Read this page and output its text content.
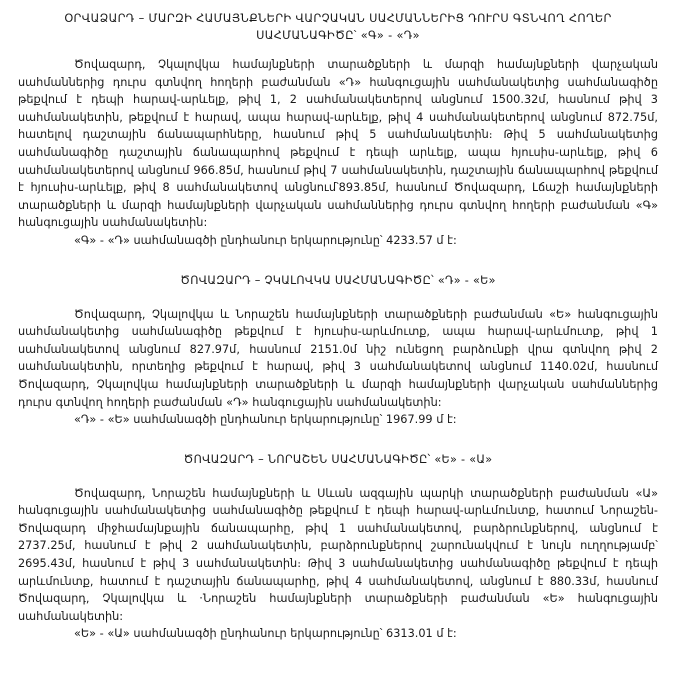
ՕՐՎԱՁԱՐԴ – ՄԱՐԶԻ ՀԱՄԱՅՆՔՆԵՐԻ ՎԱՐՉԱԿԱՆ ՍԱՀՄԱՆՆԵՐԻՑ ԴՈՒՐՍ ԳՏՆՎՈՂ ՀՈՂԵՐ
ՍԱՀՄԱՆԱԳԻԾԸ՝ «Գ» - «Դ»

Ծովազարդ, Չկալովկա համայնքների տարածքների և մարզի համայնքների վարչական սահմաններից դուրս գտնվող հողերի բաժանման «Դ» հանգուցային սահմանակետից սահմանագիծը թեքվում է դեպի հարավ-արևելք, թիվ 1, 2 սահմանակետերով անցնում 1500.32մ, հասնում թիվ 3 սահմանակետին, թեքվում է հարավ, ապա հարավ-արևելք, թիվ 4 սահմանակետերով անցնում 872.75մ, հատելով դաշտային ճանապարհները, հասնում թիվ 5 սահմանակետին։ Թիվ 5 սահմանակետից սահմանագիծը դաշտային ճանապարհով թեքվում է դեպի արևելք, ապա հյուսիս-արևելք, թիվ 6 սահմանակետերով անցնում 966.85մ, հասնում թիվ 7 սահմանակետին, դաշտային ճանապարհով թեքվում է հյուսիս-արևելք, թիվ 8 սահմանակետով անցնում՝893.85մ, հասնում Ծովազարդ, Լճաշի համայնքների տարածքների և մարզի համայնքների վարչական սահմաններից դուրս գտնվող հողերի բաժանման «Գ» հանգուցային սահմանակետին:

«Գ» - «Դ» սահմանագծի ընդհանուր երկարությունը՝ 4233.57 մ է:

ԾՈՎԱԶԱՐԴ – ՉԿԱԼՈՎԿԱ ՍԱՀՄԱՆԱԳԻԾԸ՝ «Դ» - «Ե»

Ծովազարդ, Չկալովկա և Նորաշեն համայնքների տարածքների բաժանման «Ե» հանգուցային սահմանակետից սահմանագիծը թեքվում է հյուսիս-արևմուտք, ապա հարավ-արևմուտք, թիվ 1 սահմանակետով անցնում 827.97մ, հասնում 2151.0մ նիշ ունեցող բարձունքի վրա գտնվող թիվ 2 սահմանակետին, որտեղից թեքվում է հարավ, թիվ 3 սահմանակետով անցնում 1140.02մ, հասնում Ծովազարդ, Չկալովկա համայնքների տարածքների և մարզի համայնքների վարչական սահմաններից դուրս գտնվող հողերի բաժանման «Դ» հանգուցային սահմանակետին:

«Դ» - «Ե» սահմանագծի ընդհանուր երկարությունը՝ 1967.99 մ է:

ԾՈՎԱԶԱՐԴ – ՆՈՐԱՇԵՆ ՍԱՀՄԱՆԱԳԻԾԸ՝ «Ե» - «Ա»

Ծովազարդ, Նորաշեն համայնքների և Սևան ազգային պարկի տարածքների բաժանման «Ա» հանգուցային սահմանակետից սահմանագիծը թեքվում է դեպի հարավ-արևմունտք, հատում Նորաշեն-Ծովազարդ միջհամայնքային ճանապարհը, թիվ 1 սահմանակետով, բարձրունքներով, անցնում է 2737.25մ, հասնում է թիվ 2 սահմանակետին, բարձրունքներով շարունակվում է նույն ուղղությամբ՝ 2695.43մ, հասնում է թիվ 3 սահմանակետին։ Թիվ 3 սահմանակետից սահմանագիծը թեքվում է դեպի արևմունտք, հատում է դաշտային ճանապարհը, թիվ 4 սահմանակետով, անցնում է 880.33մ, հասնում Ծովազարդ, Չկալովկա և ·Նորաշեն համայնքների տարածքների բաժանման «Ե» հանգուցային սահմանակետին:

«Ե» - «Ա» սահմանագծի ընդհանուր երկարությունը՝ 6313.01 մ է:
